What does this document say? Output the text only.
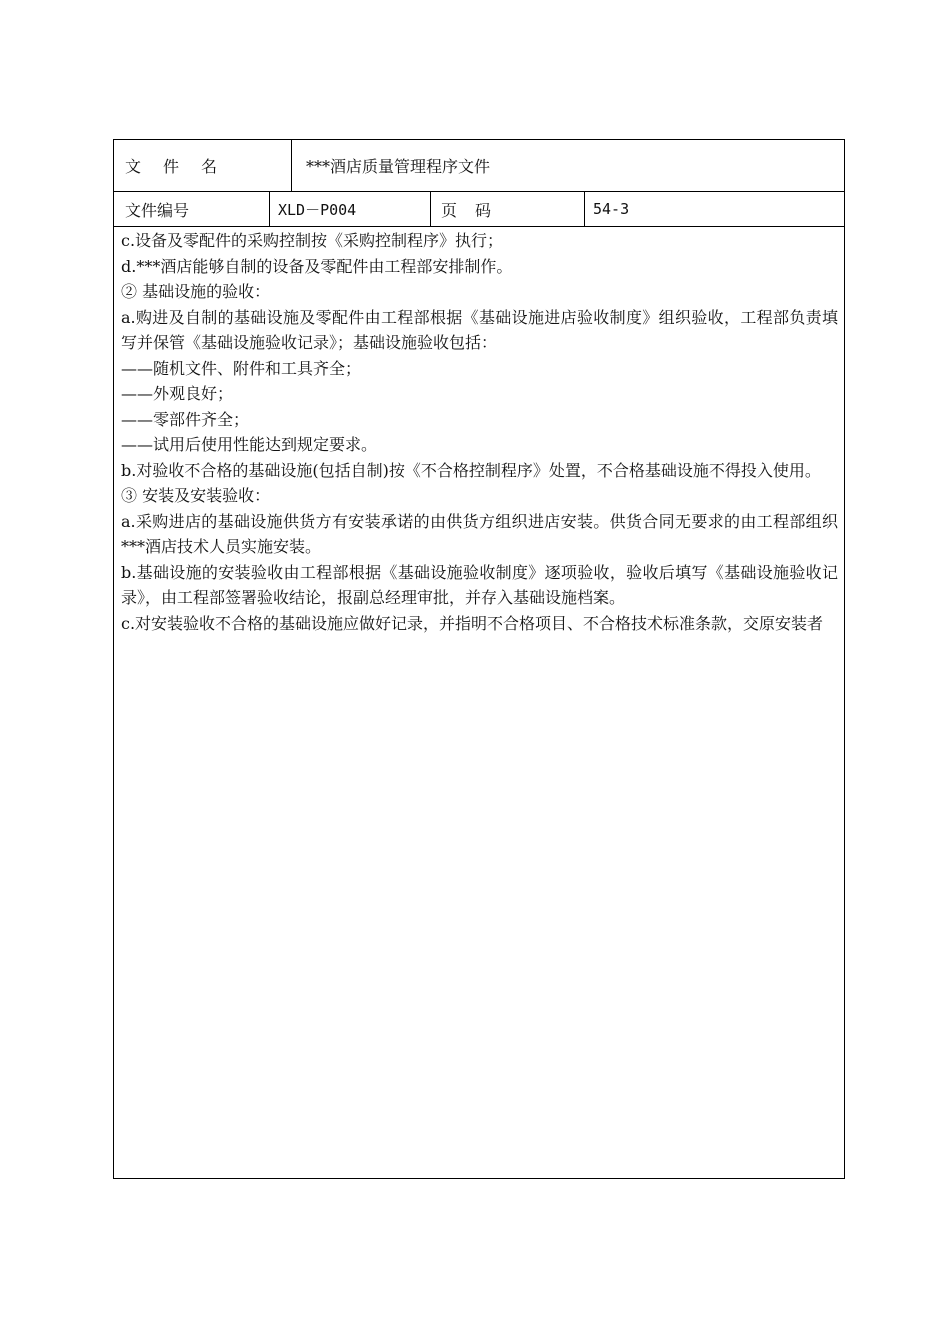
文件名	***酒店质量管理程序文件
文件编号	XLD－P004	页码	54-3

c.设备及零配件的采购控制按《采购控制程序》执行；

d.***酒店能够自制的设备及零配件由工程部安排制作。

② 基础设施的验收：

a.购进及自制的基础设施及零配件由工程部根据《基础设施进店验收制度》组织验收，工程部负责填写并保管《基础设施验收记录》；基础设施验收包括：

——随机文件、附件和工具齐全；

——外观良好；

——零部件齐全；

——试用后使用性能达到规定要求。

b.对验收不合格的基础设施(包括自制)按《不合格控制程序》处置，不合格基础设施不得投入使用。

③ 安装及安装验收：

a.采购进店的基础设施供货方有安装承诺的由供货方组织进店安装。供货合同无要求的由工程部组织***酒店技术人员实施安装。

b.基础设施的安装验收由工程部根据《基础设施验收制度》逐项验收，验收后填写《基础设施验收记录》，由工程部签署验收结论，报副总经理审批，并存入基础设施档案。

c.对安装验收不合格的基础设施应做好记录，并指明不合格项目、不合格技术标准条款，交原安装者
